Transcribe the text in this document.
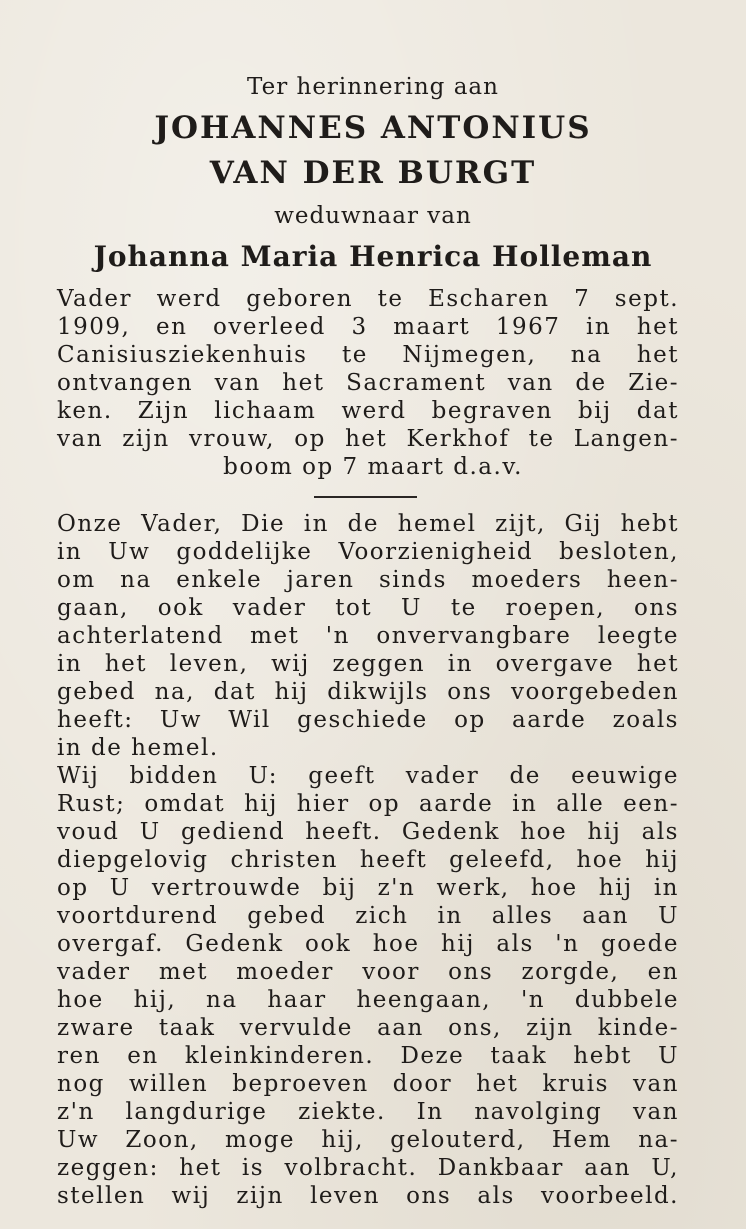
Ter herinnering aan

JOHANNES ANTONIUS

VAN DER BURGT

weduwnaar van

Johanna Maria Henrica Holleman

Vader werd geboren te Escharen 7 sept.

1909, en overleed 3 maart 1967 in het

Canisiusziekenhuis te Nijmegen, na het

ontvangen van het Sacrament van de Zie-

ken. Zijn lichaam werd begraven bij dat

van zijn vrouw, op het Kerkhof te Langen-

boom op 7 maart d.a.v.

Onze Vader, Die in de hemel zijt, Gij hebt

in Uw goddelijke Voorzienigheid besloten,

om na enkele jaren sinds moeders heen-

gaan, ook vader tot U te roepen, ons

achterlatend met 'n onvervangbare leegte

in het leven, wij zeggen in overgave het

gebed na, dat hij dikwijls ons voorgebeden

heeft: Uw Wil geschiede op aarde zoals

in de hemel.

Wij bidden U: geeft vader de eeuwige

Rust; omdat hij hier op aarde in alle een-

voud U gediend heeft. Gedenk hoe hij als

diepgelovig christen heeft geleefd, hoe hij

op U vertrouwde bij z'n werk, hoe hij in

voortdurend gebed zich in alles aan U

overgaf. Gedenk ook hoe hij als 'n goede

vader met moeder voor ons zorgde, en

hoe hij, na haar heengaan, 'n dubbele

zware taak vervulde aan ons, zijn kinde-

ren en kleinkinderen. Deze taak hebt U

nog willen beproeven door het kruis van

z'n langdurige ziekte. In navolging van

Uw Zoon, moge hij, gelouterd, Hem na-

zeggen: het is volbracht. Dankbaar aan U,

stellen wij zijn leven ons als voorbeeld.
